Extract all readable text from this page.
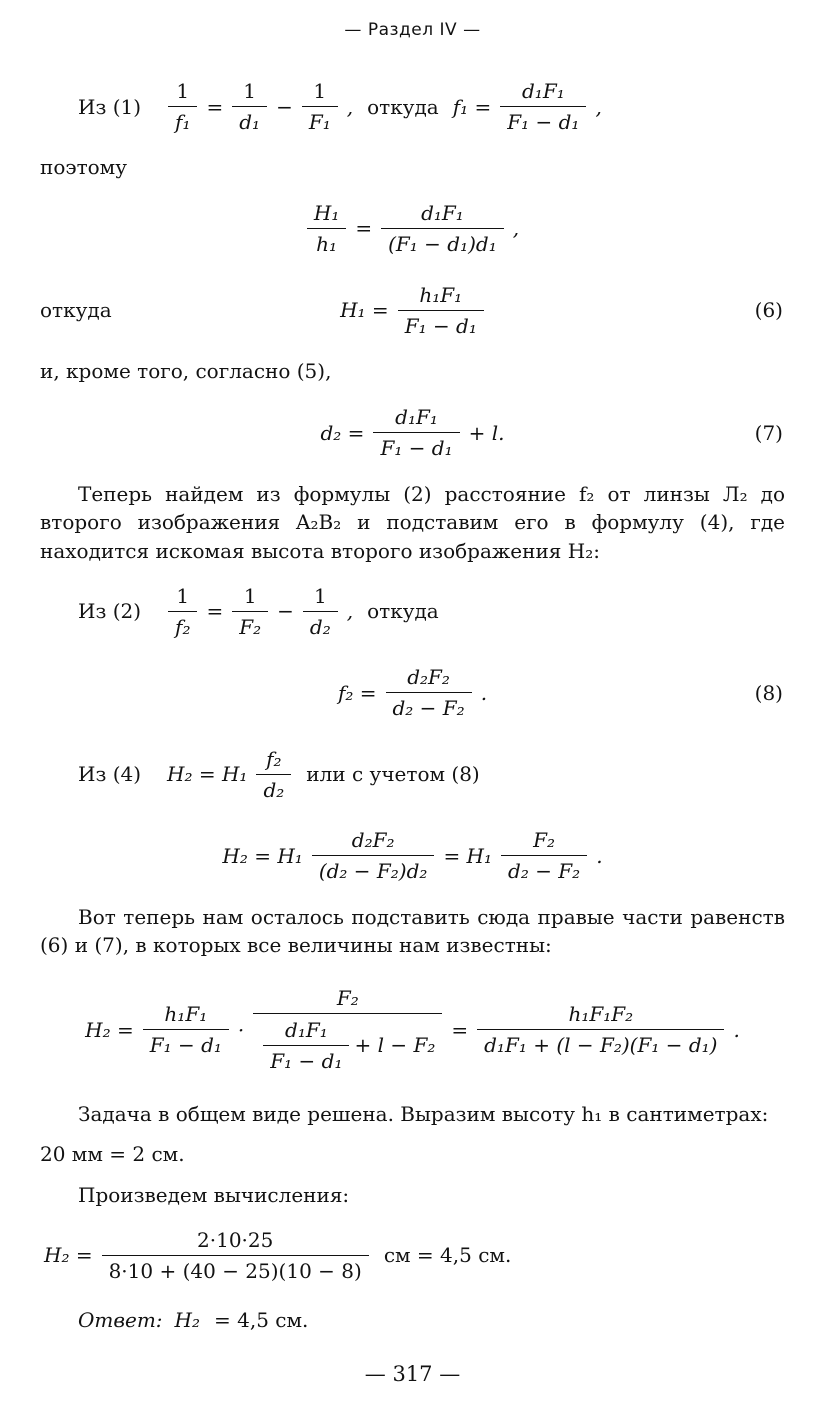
— Раздел IV —
Из $(1) \frac{1}{\text{f₁}} = \frac{1}{\text{d₁}} - \frac{1}{\text{F₁}}$ , откуда $f_1 = \frac{\text{d₁F₁}}{\text{F₁ − d₁}}$ ,
поэтому
$\frac{\text{H₁}}{\text{h₁}} = \frac{\text{d₁F₁}}{\text{(F₁ − d₁)d₁}}$ ,
откуда	$H_1 = \frac{\text{h₁F₁}}{\text{F₁ − d₁}}$	(6)
и, кроме того, согласно (5),
$d_2 = \frac{\text{d₁F₁}}{\text{F₁ − d₁}} + l$.	(7)
Теперь найдем из формулы (2) расстояние f₂ от линзы Л₂ до второго изображения A₂B₂ и подставим его в формулу (4), где находится искомая высота второго изображения H₂:
Из $(2) \frac{1}{\text{f₂}} = \frac{1}{\text{F₂}} - \frac{1}{\text{d₂}}$ , откуда
$f_2 = \frac{\text{d₂F₂}}{\text{d₂ − F₂}}$ .	(8)
Из (4) $H_2 = H_1 \frac{\text{f₂}}{\text{d₂}}$ или с учетом (8)
$H_2 = H_1 \frac{\text{d₂F₂}}{\text{(d₂ − F₂)d₂}} = H_1 \frac{\text{F₂}}{\text{d₂ − F₂}}$ .
Вот теперь нам осталось подставить сюда правые части равенств (6) и (7), в которых все величины нам известны:
$H_2 = \frac{\text{h₁F₁}}{\text{F₁ − d₁}} \cdot \frac{\text{F₂}}{\frac{\text{d₁F₁}}{\text{F₁ − d₁}} + l - F_2} = \frac{\text{h₁F₁F₂}}{\text{d₁F₁ + (l − F₂)(F₁ − d₁)}}$ .
Задача в общем виде решена. Выразим высоту h₁ в сантиметрах:
20 мм = 2 см.
Произведем вычисления:
$H_2 = \frac{2\cdot 10\cdot 25}{8\cdot 10 + (40 - 25)(10 - 8)}$ см = 4,5 см.
Ответ: H₂ = 4,5 см.
— 317 —
